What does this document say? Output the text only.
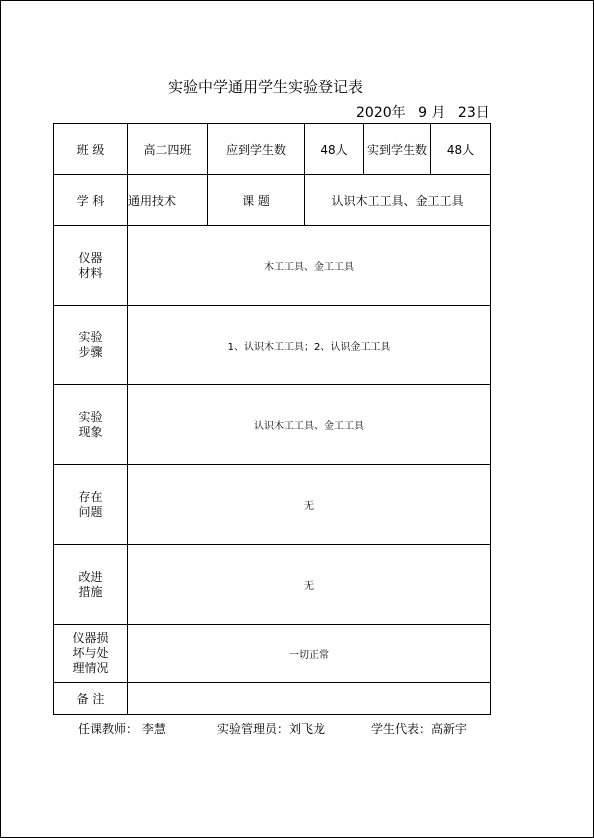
实验中学通用学生实验登记表
2020年 9 月 23日
班 级	高二四班	应到学生数	48人	实到学生数	48人
学 科	通用技术	课 题	认识木工工具、金工工具		

仪器
材料	木工工具、金工工具				

实验
步骤	1、认识木工工具；2、认识金工工具				

实验
现象	认识木工工具、金工工具				

存在
问题	无				

改进
措施	无				

仪器损
坏与处
理情况	一切正常				
备 注					
任课教师： 李慧	实验管理员：刘飞龙	学生代表：高新宇
